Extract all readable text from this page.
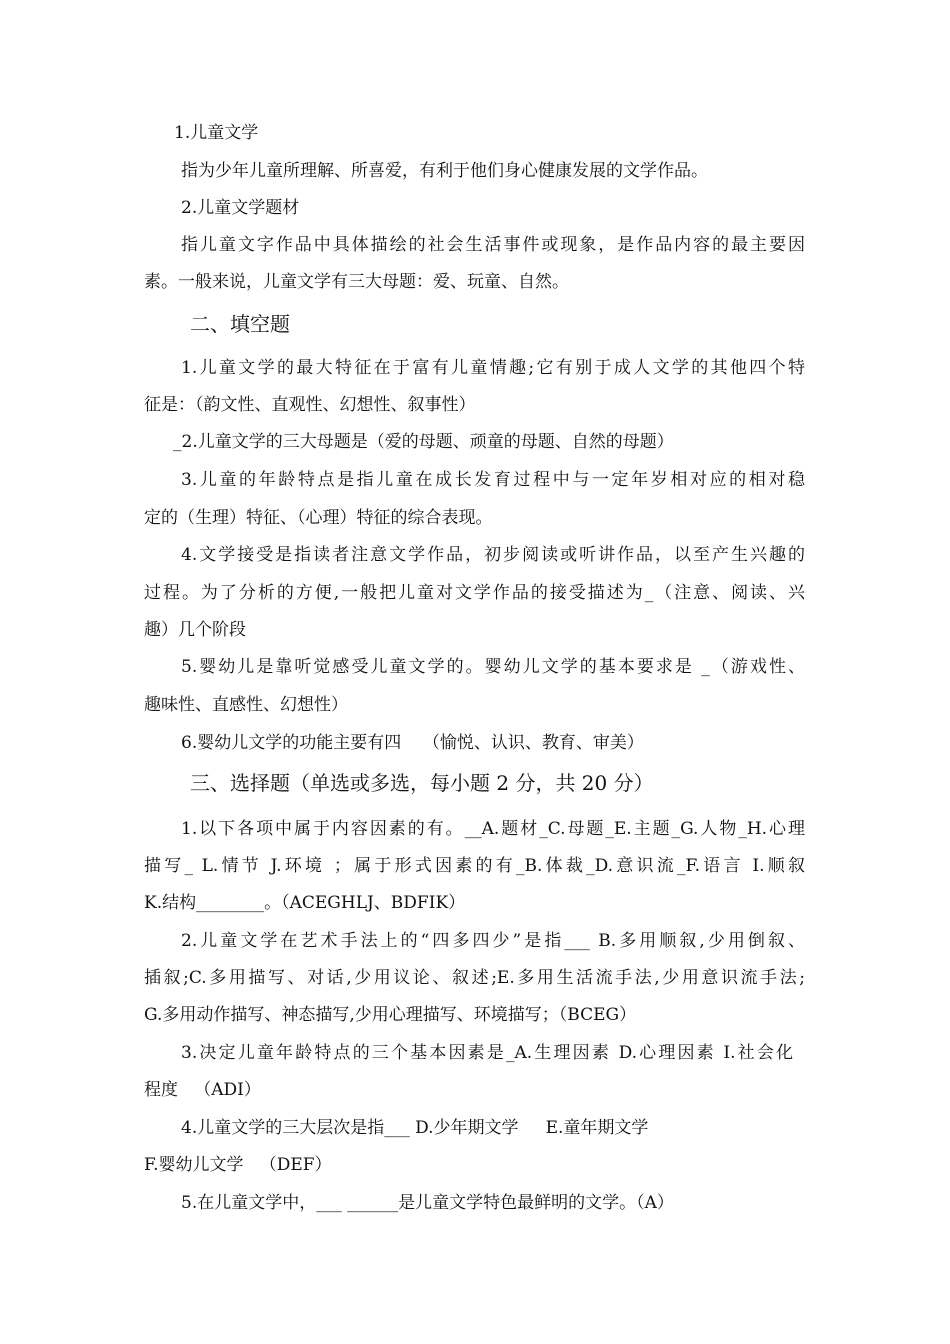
1.儿童文学

指为少年儿童所理解、所喜爱，有利于他们身心健康发展的文学作品。

2.儿童文学题材

指儿童文字作品中具体描绘的社会生活事件或现象，是作品内容的最主要因

素。一般来说，儿童文学有三大母题：爱、玩童、自然。

二、填空题

1.儿童文学的最大特征在于富有儿童情趣;它有别于成人文学的其他四个特

征是：（韵文性、直观性、幻想性、叙事性）

_2.儿童文学的三大母题是（爱的母题、顽童的母题、自然的母题）

3.儿童的年龄特点是指儿童在成长发育过程中与一定年岁相对应的相对稳

定的（生理）特征、（心理）特征的综合表现。

4.文学接受是指读者注意文学作品，初步阅读或听讲作品，以至产生兴趣的

过程。为了分析的方便,一般把儿童对文学作品的接受描述为_（注意、阅读、兴

趣）几个阶段

5.婴幼儿是靠听觉感受儿童文学的。婴幼儿文学的基本要求是 _（游戏性、

趣味性、直感性、幻想性）

6.婴幼儿文学的功能主要有四    （愉悦、认识、教育、审美）

三、选择题（单选或多选，每小题 2 分，共 20 分）

1.以下各项中属于内容因素的有。__A.题材_C.母题_E.主题_G.人物_H.心理

描写_ L.情节 J.环境 ；属于形式因素的有_B.体裁_D.意识流_F.语言 I.顺叙

K.结构________。（ACEGHLJ、BDFIK）

2.儿童文学在艺术手法上的“四多四少”是指___ B.多用顺叙,少用倒叙、

插叙;C.多用描写、对话,少用议论、叙述;E.多用生活流手法,少用意识流手法;

G.多用动作描写、神态描写,少用心理描写、环境描写；（BCEG）

3.决定儿童年龄特点的三个基本因素是_A.生理因素 D.心理因素 I.社会化

程度   （ADI）

4.儿童文学的三大层次是指___ D.少年期文学     E.童年期文学

F.婴幼儿文学   （DEF）

5.在儿童文学中，___ ______是儿童文学特色最鲜明的文学。（A）
